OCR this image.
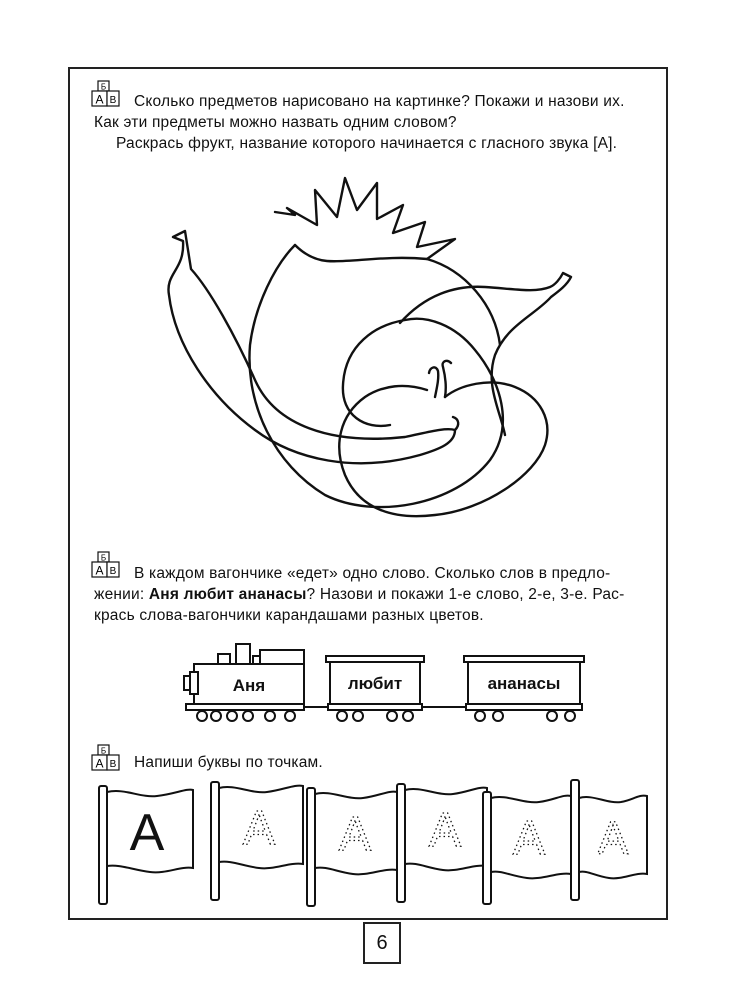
Б
А В	Сколько предметов нарисовано на картинке? Покажи и назови их.
Как эти предметы можно назвать одним словом?
Раскрась фрукт, название которого начинается с гласного звука [А].
Б
А В	В каждом вагончике «едет» одно слово. Сколько слов в предло-
жении: Аня любит ананасы? Назови и покажи 1-е слово, 2-е, 3-е. Рас-
крась слова-вагончики карандашами разных цветов.
Аня	любит	ананасы
Б
А В Напиши буквы по точкам.
А А А А А А
6
